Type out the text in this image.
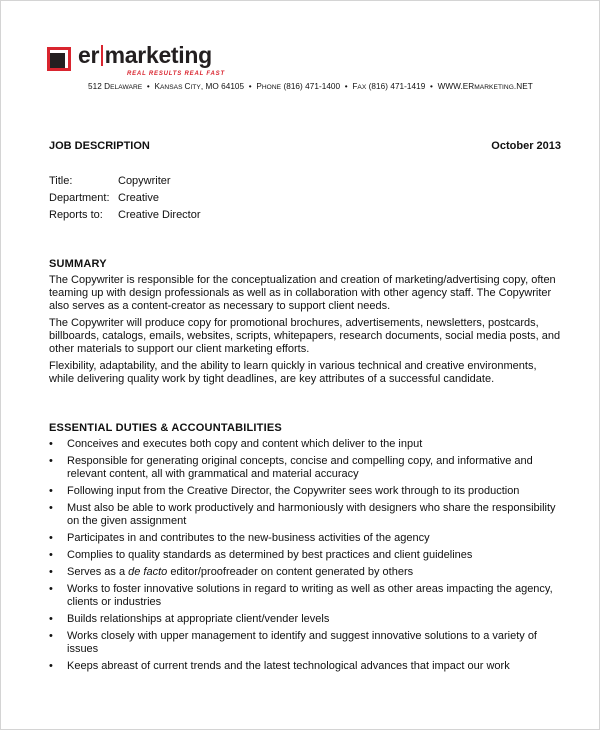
er marketing
REAL RESULTS REAL FAST
512 DELAWARE  •  KANSAS CITY, MO 64105  •  PHONE (816) 471-1400  •  FAX (816) 471-1419  •  WWW.ERMARKETING.NET
JOB DESCRIPTION	October 2013
Title:	Copywriter
Department: Creative
Reports to:	Creative Director
SUMMARY

The Copywriter is responsible for the conceptualization and creation of marketing/advertising copy, often teaming up with design professionals as well as in collaboration with other agency staff. The Copywriter also serves as a content-creator as necessary to support client needs.

The Copywriter will produce copy for promotional brochures, advertisements, newsletters, postcards, billboards, catalogs, emails, websites, scripts, whitepapers, research documents, social media posts, and other materials to support our client marketing efforts.

Flexibility, adaptability, and the ability to learn quickly in various technical and creative environments, while delivering quality work by tight deadlines, are key attributes of a successful candidate.

ESSENTIAL DUTIES & ACCOUNTABILITIES
• Conceives and executes both copy and content which deliver to the input
• Responsible for generating original concepts, concise and compelling copy, and informative and relevant content, all with grammatical and material accuracy
• Following input from the Creative Director, the Copywriter sees work through to its production
• Must also be able to work productively and harmoniously with designers who share the responsibility on the given assignment
• Participates in and contributes to the new-business activities of the agency
• Complies to quality standards as determined by best practices and client guidelines
• Serves as a de facto editor/proofreader on content generated by others
• Works to foster innovative solutions in regard to writing as well as other areas impacting the agency, clients or industries
• Builds relationships at appropriate client/vender levels
• Works closely with upper management to identify and suggest innovative solutions to a variety of issues
• Keeps abreast of current trends and the latest technological advances that impact our work
